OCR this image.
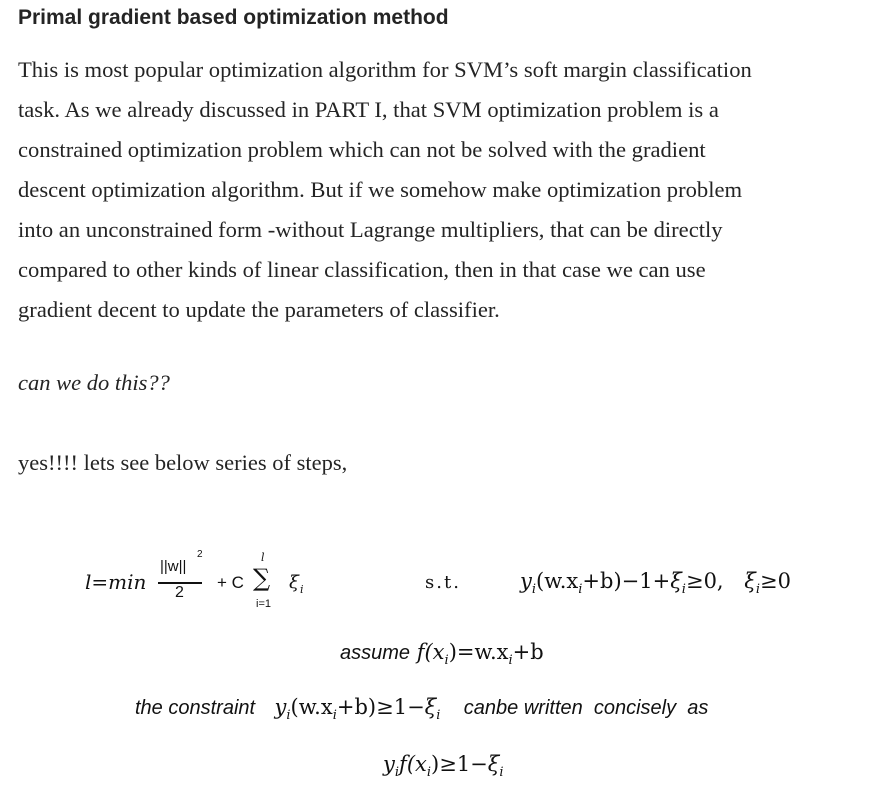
Primal gradient based optimization method
This is most popular optimization algorithm for SVM’s soft margin classification
task. As we already discussed in PART I, that SVM optimization problem is a
constrained optimization problem which can not be solved with the gradient
descent optimization algorithm. But if we somehow make optimization problem
into an unconstrained form -without Lagrange multipliers, that can be directly
compared to other kinds of linear classification, then in that case we can use
gradient decent to update the parameters of classifier.
can we do this??
yes!!!! lets see below series of steps,
l=min
||w||
2
2
+ C
l
∑
i=1
ξ i	s.t.	$y_i(w.x_i+b)-1+\xi_i\ge 0$, $\xi_i\ge 0$
assume $f(x_i)=w.x_i+b$
the constraint $y_i(w.x_i+b)\ge 1-\xi_i$ canbe written  concisely  as
$y_if(x_i)\ge 1-\xi_i$
